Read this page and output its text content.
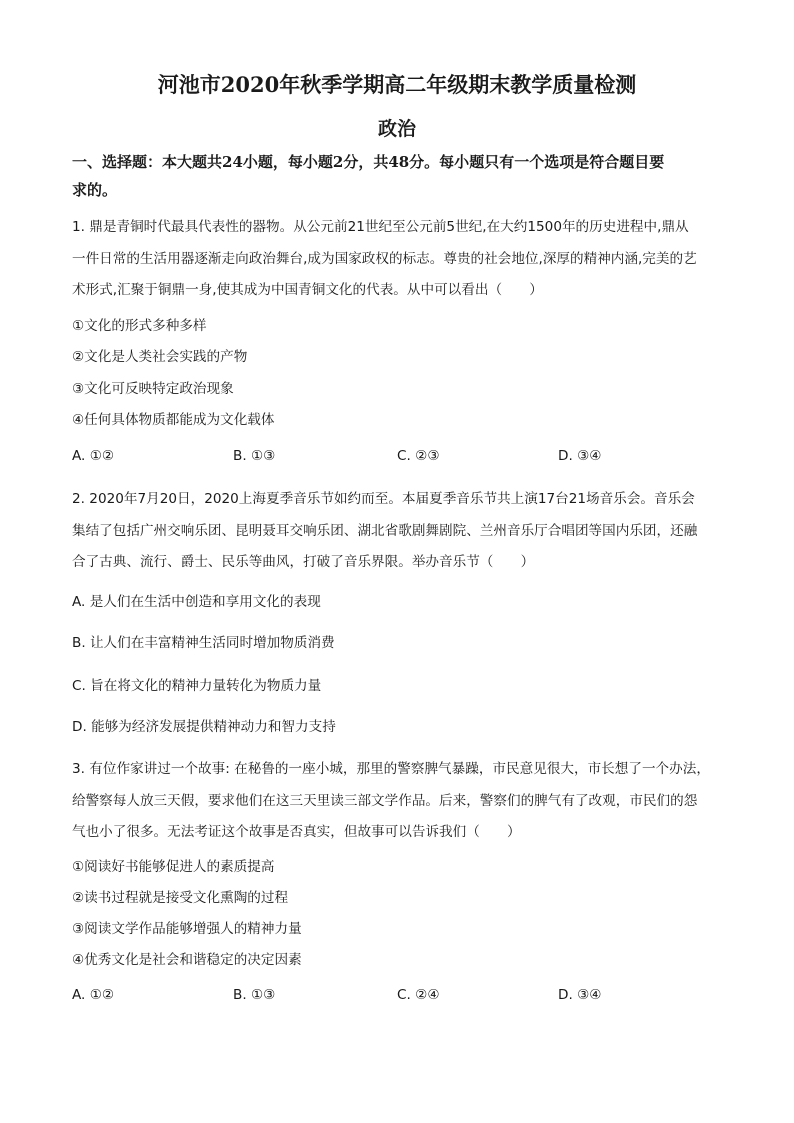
河池市2020年秋季学期高二年级期末教学质量检测
政治
一、选择题：本大题共24小题，每小题2分，共48分。每小题只有一个选项是符合题目要
求的。
1. 鼎是青铜时代最具代表性的器物。从公元前21世纪至公元前5世纪,在大约1500年的历史进程中,鼎从
一件日常的生活用器逐渐走向政治舞台,成为国家政权的标志。尊贵的社会地位,深厚的精神内涵,完美的艺
术形式,汇聚于铜鼎一身,使其成为中国青铜文化的代表。从中可以看出（　　）
①文化的形式多种多样
②文化是人类社会实践的产物
③文化可反映特定政治现象
④任何具体物质都能成为文化载体
A. ①②	B. ①③	C. ②③	D. ③④
2. 2020年7月20日，2020上海夏季音乐节如约而至。本届夏季音乐节共上演17台21场音乐会。音乐会
集结了包括广州交响乐团、昆明聂耳交响乐团、湖北省歌剧舞剧院、兰州音乐厅合唱团等国内乐团，还融
合了古典、流行、爵士、民乐等曲风，打破了音乐界限。举办音乐节（　　）
A. 是人们在生活中创造和享用文化的表现
B. 让人们在丰富精神生活同时增加物质消费
C. 旨在将文化的精神力量转化为物质力量
D. 能够为经济发展提供精神动力和智力支持
3. 有位作家讲过一个故事: 在秘鲁的一座小城，那里的警察脾气暴躁，市民意见很大，市长想了一个办法，
给警察每人放三天假，要求他们在这三天里读三部文学作品。后来，警察们的脾气有了改观，市民们的怨
气也小了很多。无法考证这个故事是否真实，但故事可以告诉我们（　　）
①阅读好书能够促进人的素质提高
②读书过程就是接受文化熏陶的过程
③阅读文学作品能够增强人的精神力量
④优秀文化是社会和谐稳定的决定因素
A. ①②	B. ①③	C. ②④	D. ③④
